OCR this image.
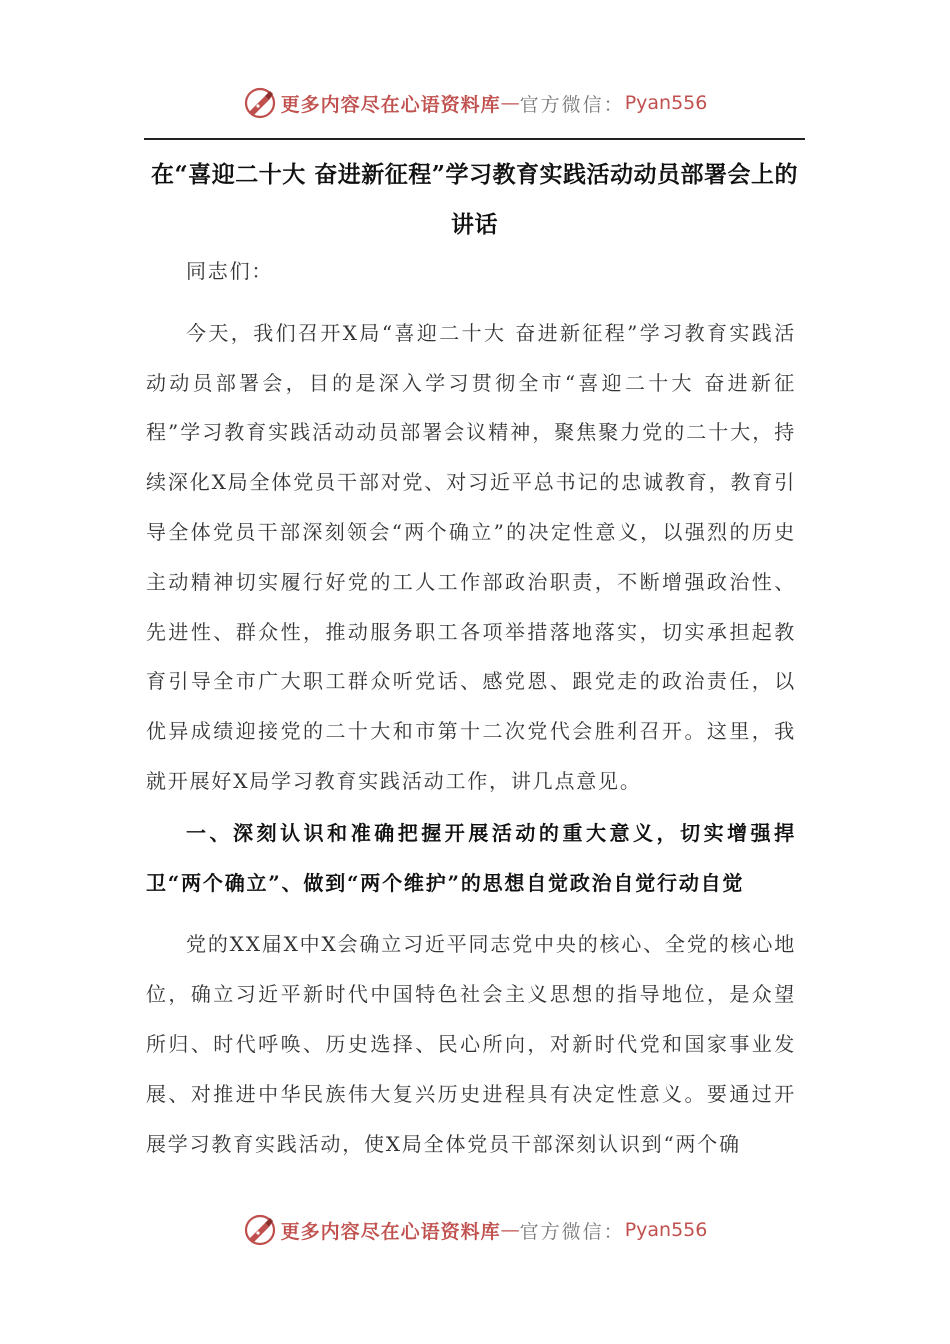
更多内容尽在心语资料库 — 官方微信： Pyan556
在“喜迎二十大 奋进新征程”学习教育实践活动动员部署会上的讲话

同志们：

今天，我们召开X局“喜迎二十大 奋进新征程”学习教育实践活动动员部署会，目的是深入学习贯彻全市“喜迎二十大 奋进新征程”学习教育实践活动动员部署会议精神，聚焦聚力党的二十大，持续深化X局全体党员干部对党、对习近平总书记的忠诚教育，教育引导全体党员干部深刻领会“两个确立”的决定性意义，以强烈的历史主动精神切实履行好党的工人工作部政治职责，不断增强政治性、先进性、群众性，推动服务职工各项举措落地落实，切实承担起教育引导全市广大职工群众听党话、感党恩、跟党走的政治责任，以优异成绩迎接党的二十大和市第十二次党代会胜利召开。这里，我就开展好X局学习教育实践活动工作，讲几点意见。

一、深刻认识和准确把握开展活动的重大意义，切实增强捍卫“两个确立”、做到“两个维护”的思想自觉政治自觉行动自觉

党的XX届X中X会确立习近平同志党中央的核心、全党的核心地位，确立习近平新时代中国特色社会主义思想的指导地位，是众望所归、时代呼唤、历史选择、民心所向，对新时代党和国家事业发展、对推进中华民族伟大复兴历史进程具有决定性意义。要通过开展学习教育实践活动，使X局全体党员干部深刻认识到“两个确

更多内容尽在心语资料库 — 官方微信： Pyan556
